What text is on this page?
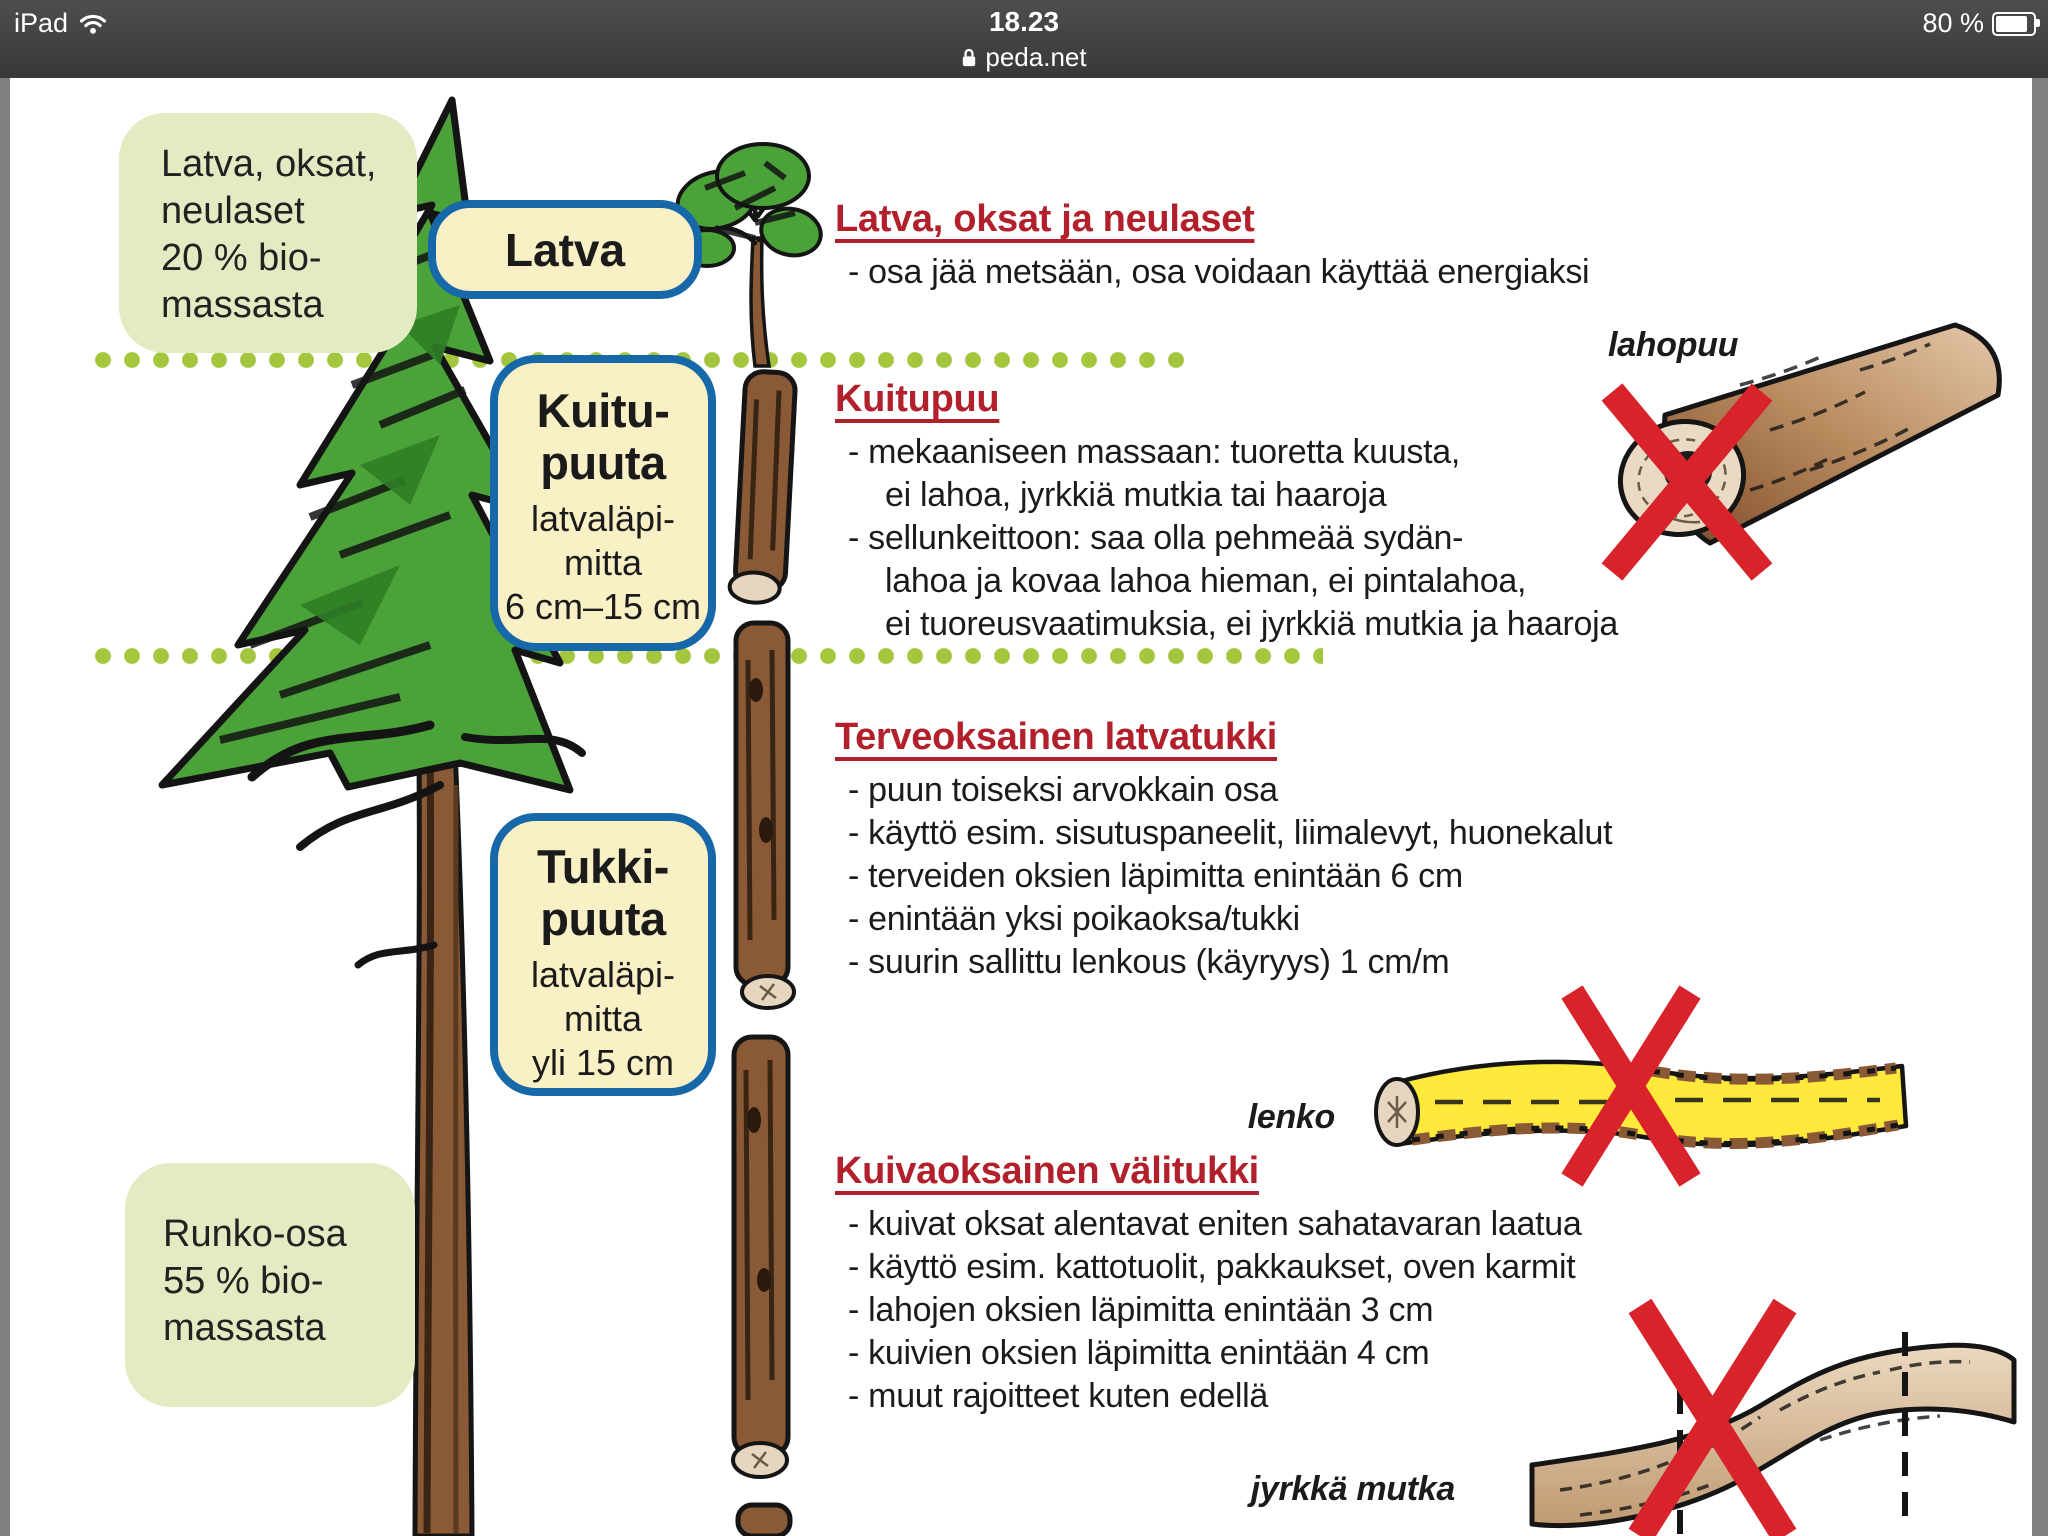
iPad	18.23	80 %
peda.net
Latva, oksat,
neulaset
20 % bio-
massasta
Runko-osa
55 % bio-
massasta
Latva
Kuitu-
puuta
latvaläpi-
mitta
6 cm–15 cm
Tukki-
puuta
latvaläpi-
mitta
yli 15 cm
Latva, oksat ja neulaset
- osa jää metsään, osa voidaan käyttää energiaksi
Kuitupuu
- mekaaniseen massaan: tuoretta kuusta,
ei lahoa, jyrkkiä mutkia tai haaroja
- sellunkeittoon: saa olla pehmeää sydän-
lahoa ja kovaa lahoa hieman, ei pintalahoa,
ei tuoreusvaatimuksia, ei jyrkkiä mutkia ja haaroja
Terveoksainen latvatukki
- puun toiseksi arvokkain osa
- käyttö esim. sisutuspaneelit, liimalevyt, huonekalut
- terveiden oksien läpimitta enintään 6 cm
- enintään yksi poikaoksa/tukki
- suurin sallittu lenkous (käyryys) 1 cm/m
Kuivaoksainen välitukki
- kuivat oksat alentavat eniten sahatavaran laatua
- käyttö esim. kattotuolit, pakkaukset, oven karmit
- lahojen oksien läpimitta enintään 3 cm
- kuivien oksien läpimitta enintään 4 cm
- muut rajoitteet kuten edellä
lahopuu
lenko
jyrkkä mutka
